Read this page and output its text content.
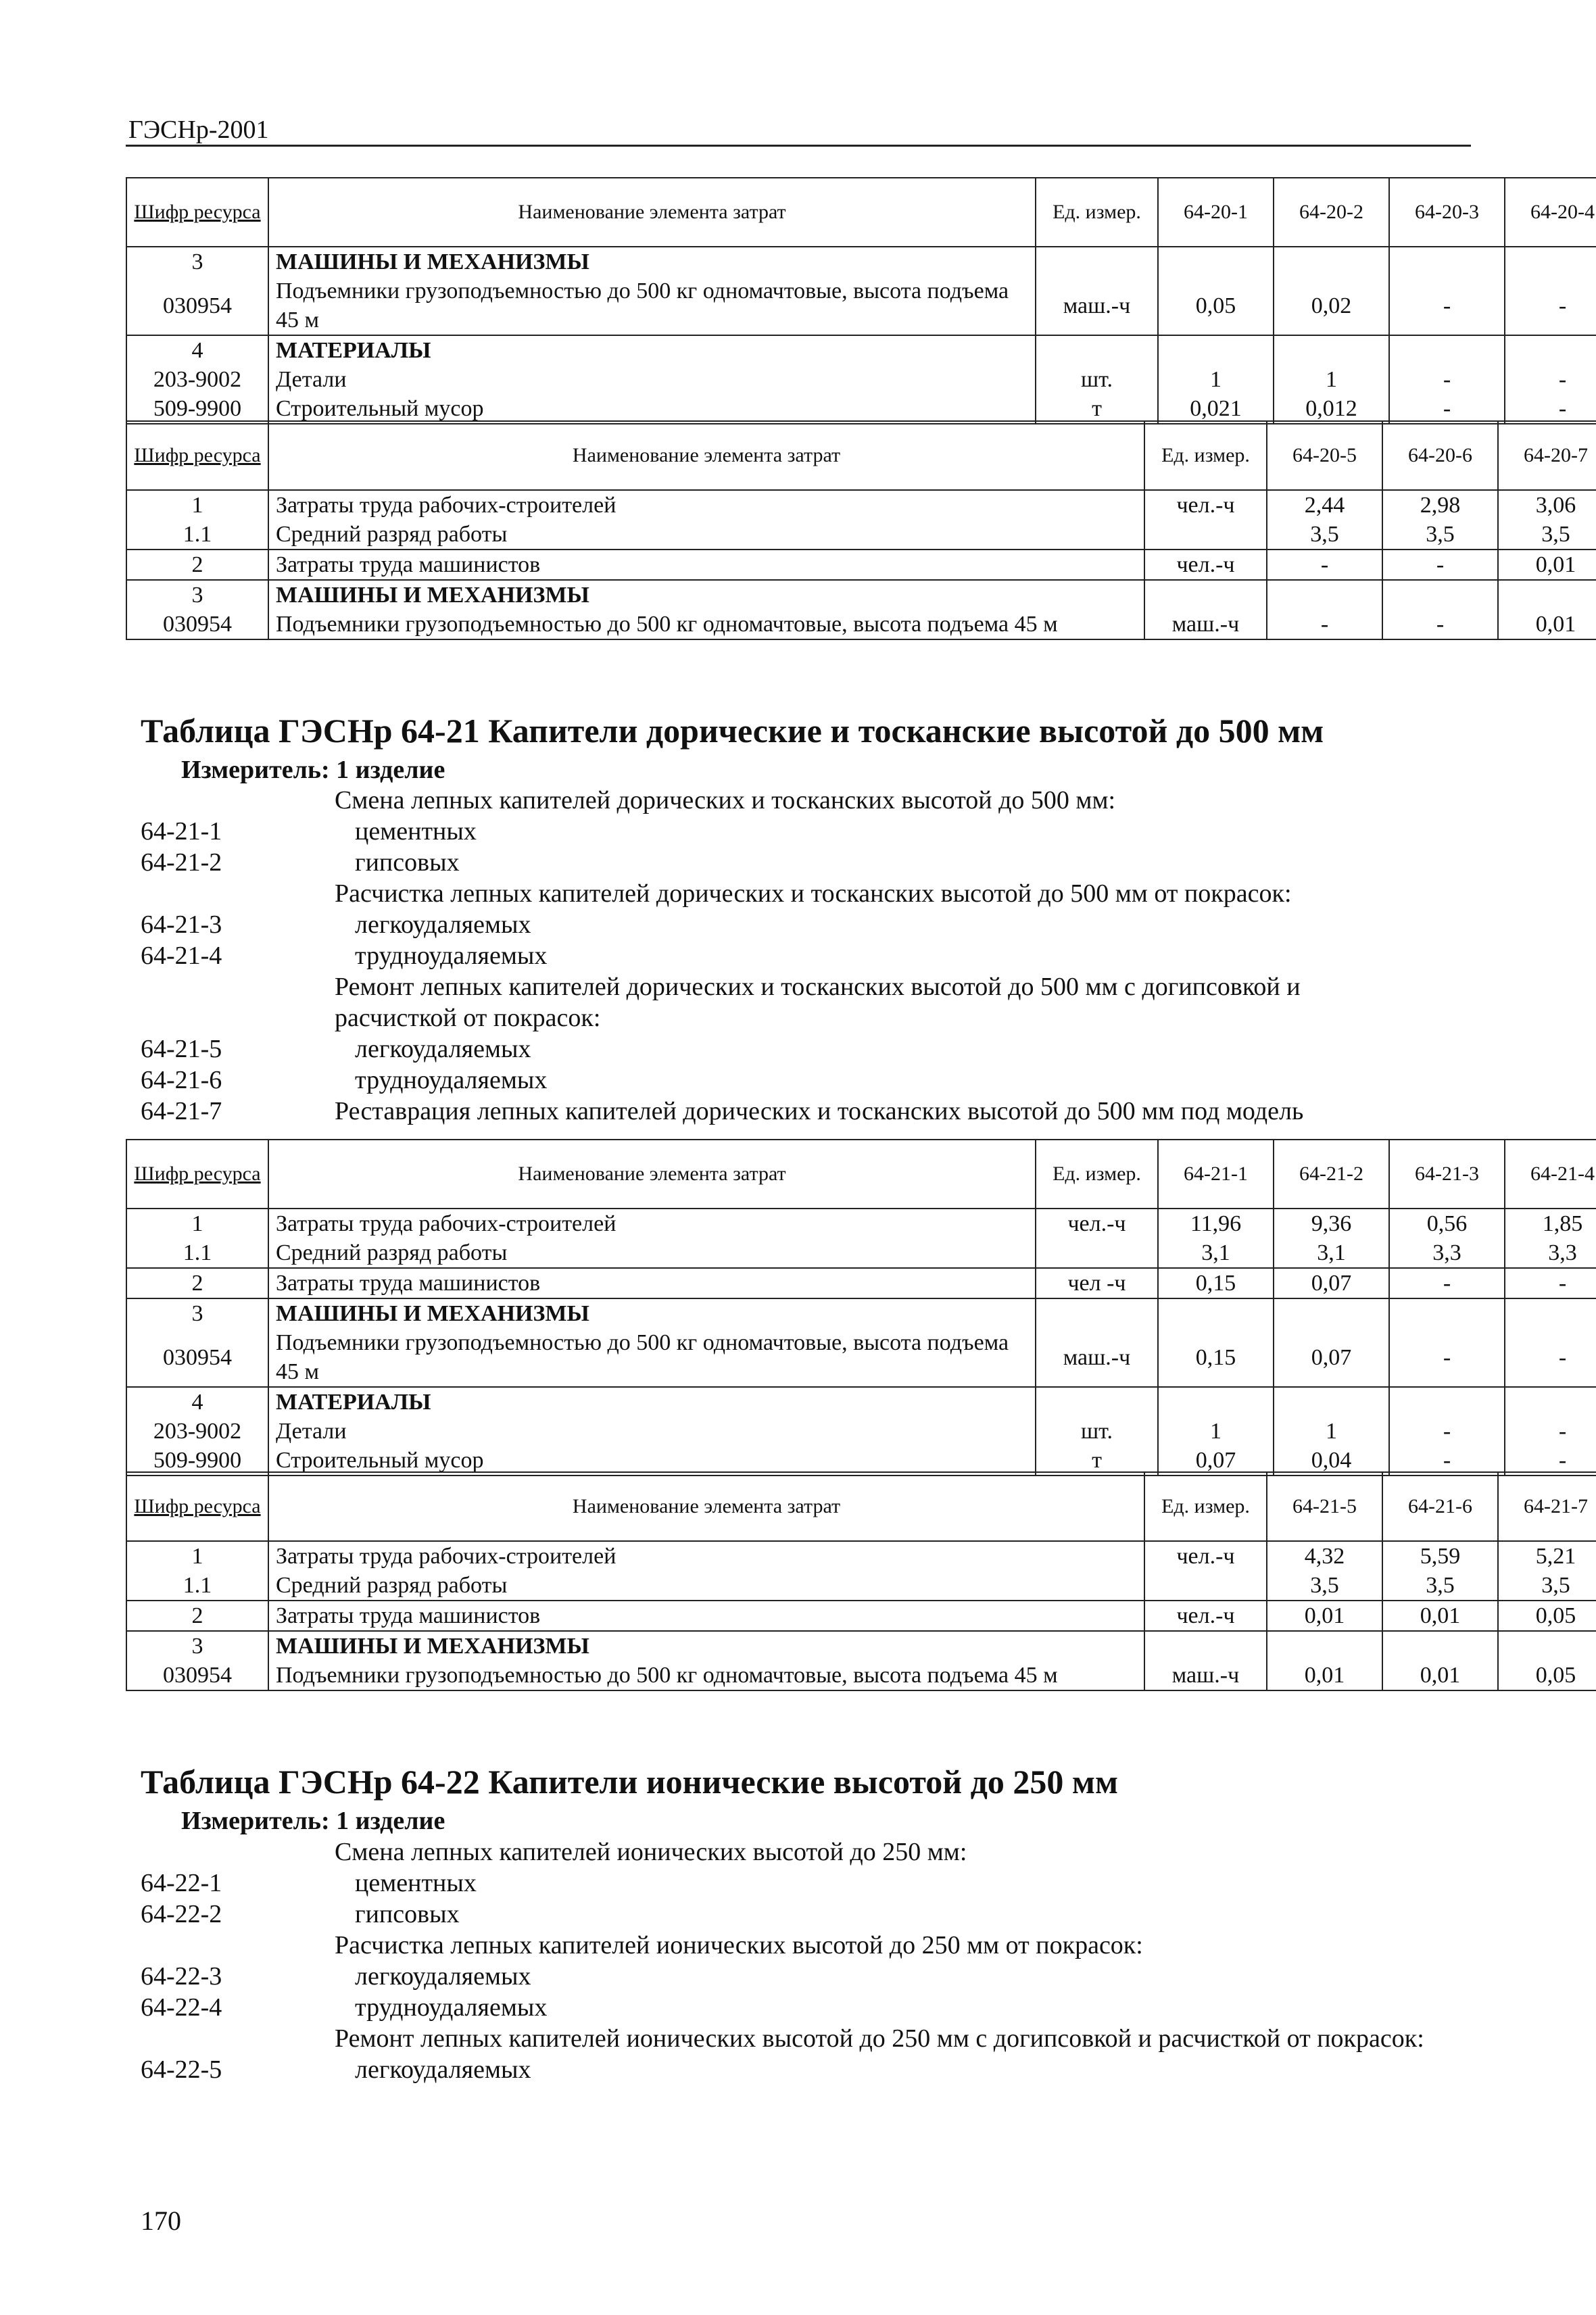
ГЭСНр-2001
Шифр ресурса	Наименование элемента затрат	Ед. измер.	64-20-1	64-20-2	64-20-3	64-20-4
3	МАШИНЫ И МЕХАНИЗМЫ					
030954	Подъемники грузоподъемностью до 500 кг одномачтовые, высота подъема 45 м	маш.-ч	0,05	0,02	-	-
4	МАТЕРИАЛЫ					
203-9002	Детали	шт.	1	1	-	-
509-9900	Строительный мусор	т	0,021	0,012	-	-
Шифр ресурса	Наименование элемента затрат	Ед. измер.	64-20-5	64-20-6	64-20-7
1	Затраты труда рабочих-строителей	чел.-ч	2,44	2,98	3,06
1.1	Средний разряд работы		3,5	3,5	3,5
2	Затраты труда машинистов	чел.-ч	-	-	0,01
3	МАШИНЫ И МЕХАНИЗМЫ				
030954	Подъемники грузоподъемностью до 500 кг одномачтовые, высота подъема 45 м	маш.-ч	-	-	0,01
Таблица ГЭСНр 64-21 Капители дорические и тосканские высотой до 500 мм
Измеритель: 1 изделие
Смена лепных капителей дорических и тосканских высотой до 500 мм:
64-21-1	цементных
64-21-2	гипсовых
Расчистка лепных капителей дорических и тосканских высотой до 500 мм от покрасок:
64-21-3	легкоудаляемых
64-21-4	трудноудаляемых
Ремонт лепных капителей дорических и тосканских высотой до 500 мм с догипсовкой и расчисткой от покрасок:
64-21-5	легкоудаляемых
64-21-6	трудноудаляемых
64-21-7	Реставрация лепных капителей дорических и тосканских высотой до 500 мм под модель
Шифр ресурса	Наименование элемента затрат	Ед. измер.	64-21-1	64-21-2	64-21-3	64-21-4
1	Затраты труда рабочих-строителей	чел.-ч	11,96	9,36	0,56	1,85
1.1	Средний разряд работы		3,1	3,1	3,3	3,3
2	Затраты труда машинистов	чел -ч	0,15	0,07	-	-
3	МАШИНЫ И МЕХАНИЗМЫ					
030954	Подъемники грузоподъемностью до 500 кг одномачтовые, высота подъема 45 м	маш.-ч	0,15	0,07	-	-
4	МАТЕРИАЛЫ					
203-9002	Детали	шт.	1	1	-	-
509-9900	Строительный мусор	т	0,07	0,04	-	-
Шифр ресурса	Наименование элемента затрат	Ед. измер.	64-21-5	64-21-6	64-21-7
1	Затраты труда рабочих-строителей	чел.-ч	4,32	5,59	5,21
1.1	Средний разряд работы		3,5	3,5	3,5
2	Затраты труда машинистов	чел.-ч	0,01	0,01	0,05
3	МАШИНЫ И МЕХАНИЗМЫ				
030954	Подъемники грузоподъемностью до 500 кг одномачтовые, высота подъема 45 м	маш.-ч	0,01	0,01	0,05
Таблица ГЭСНр 64-22 Капители ионические высотой до 250 мм
Измеритель: 1 изделие
Смена лепных капителей ионических высотой до 250 мм:
64-22-1	цементных
64-22-2	гипсовых
Расчистка лепных капителей ионических высотой до 250 мм от покрасок:
64-22-3	легкоудаляемых
64-22-4	трудноудаляемых
Ремонт лепных капителей ионических высотой до 250 мм с догипсовкой и расчисткой от покрасок:
64-22-5	легкоудаляемых
170
